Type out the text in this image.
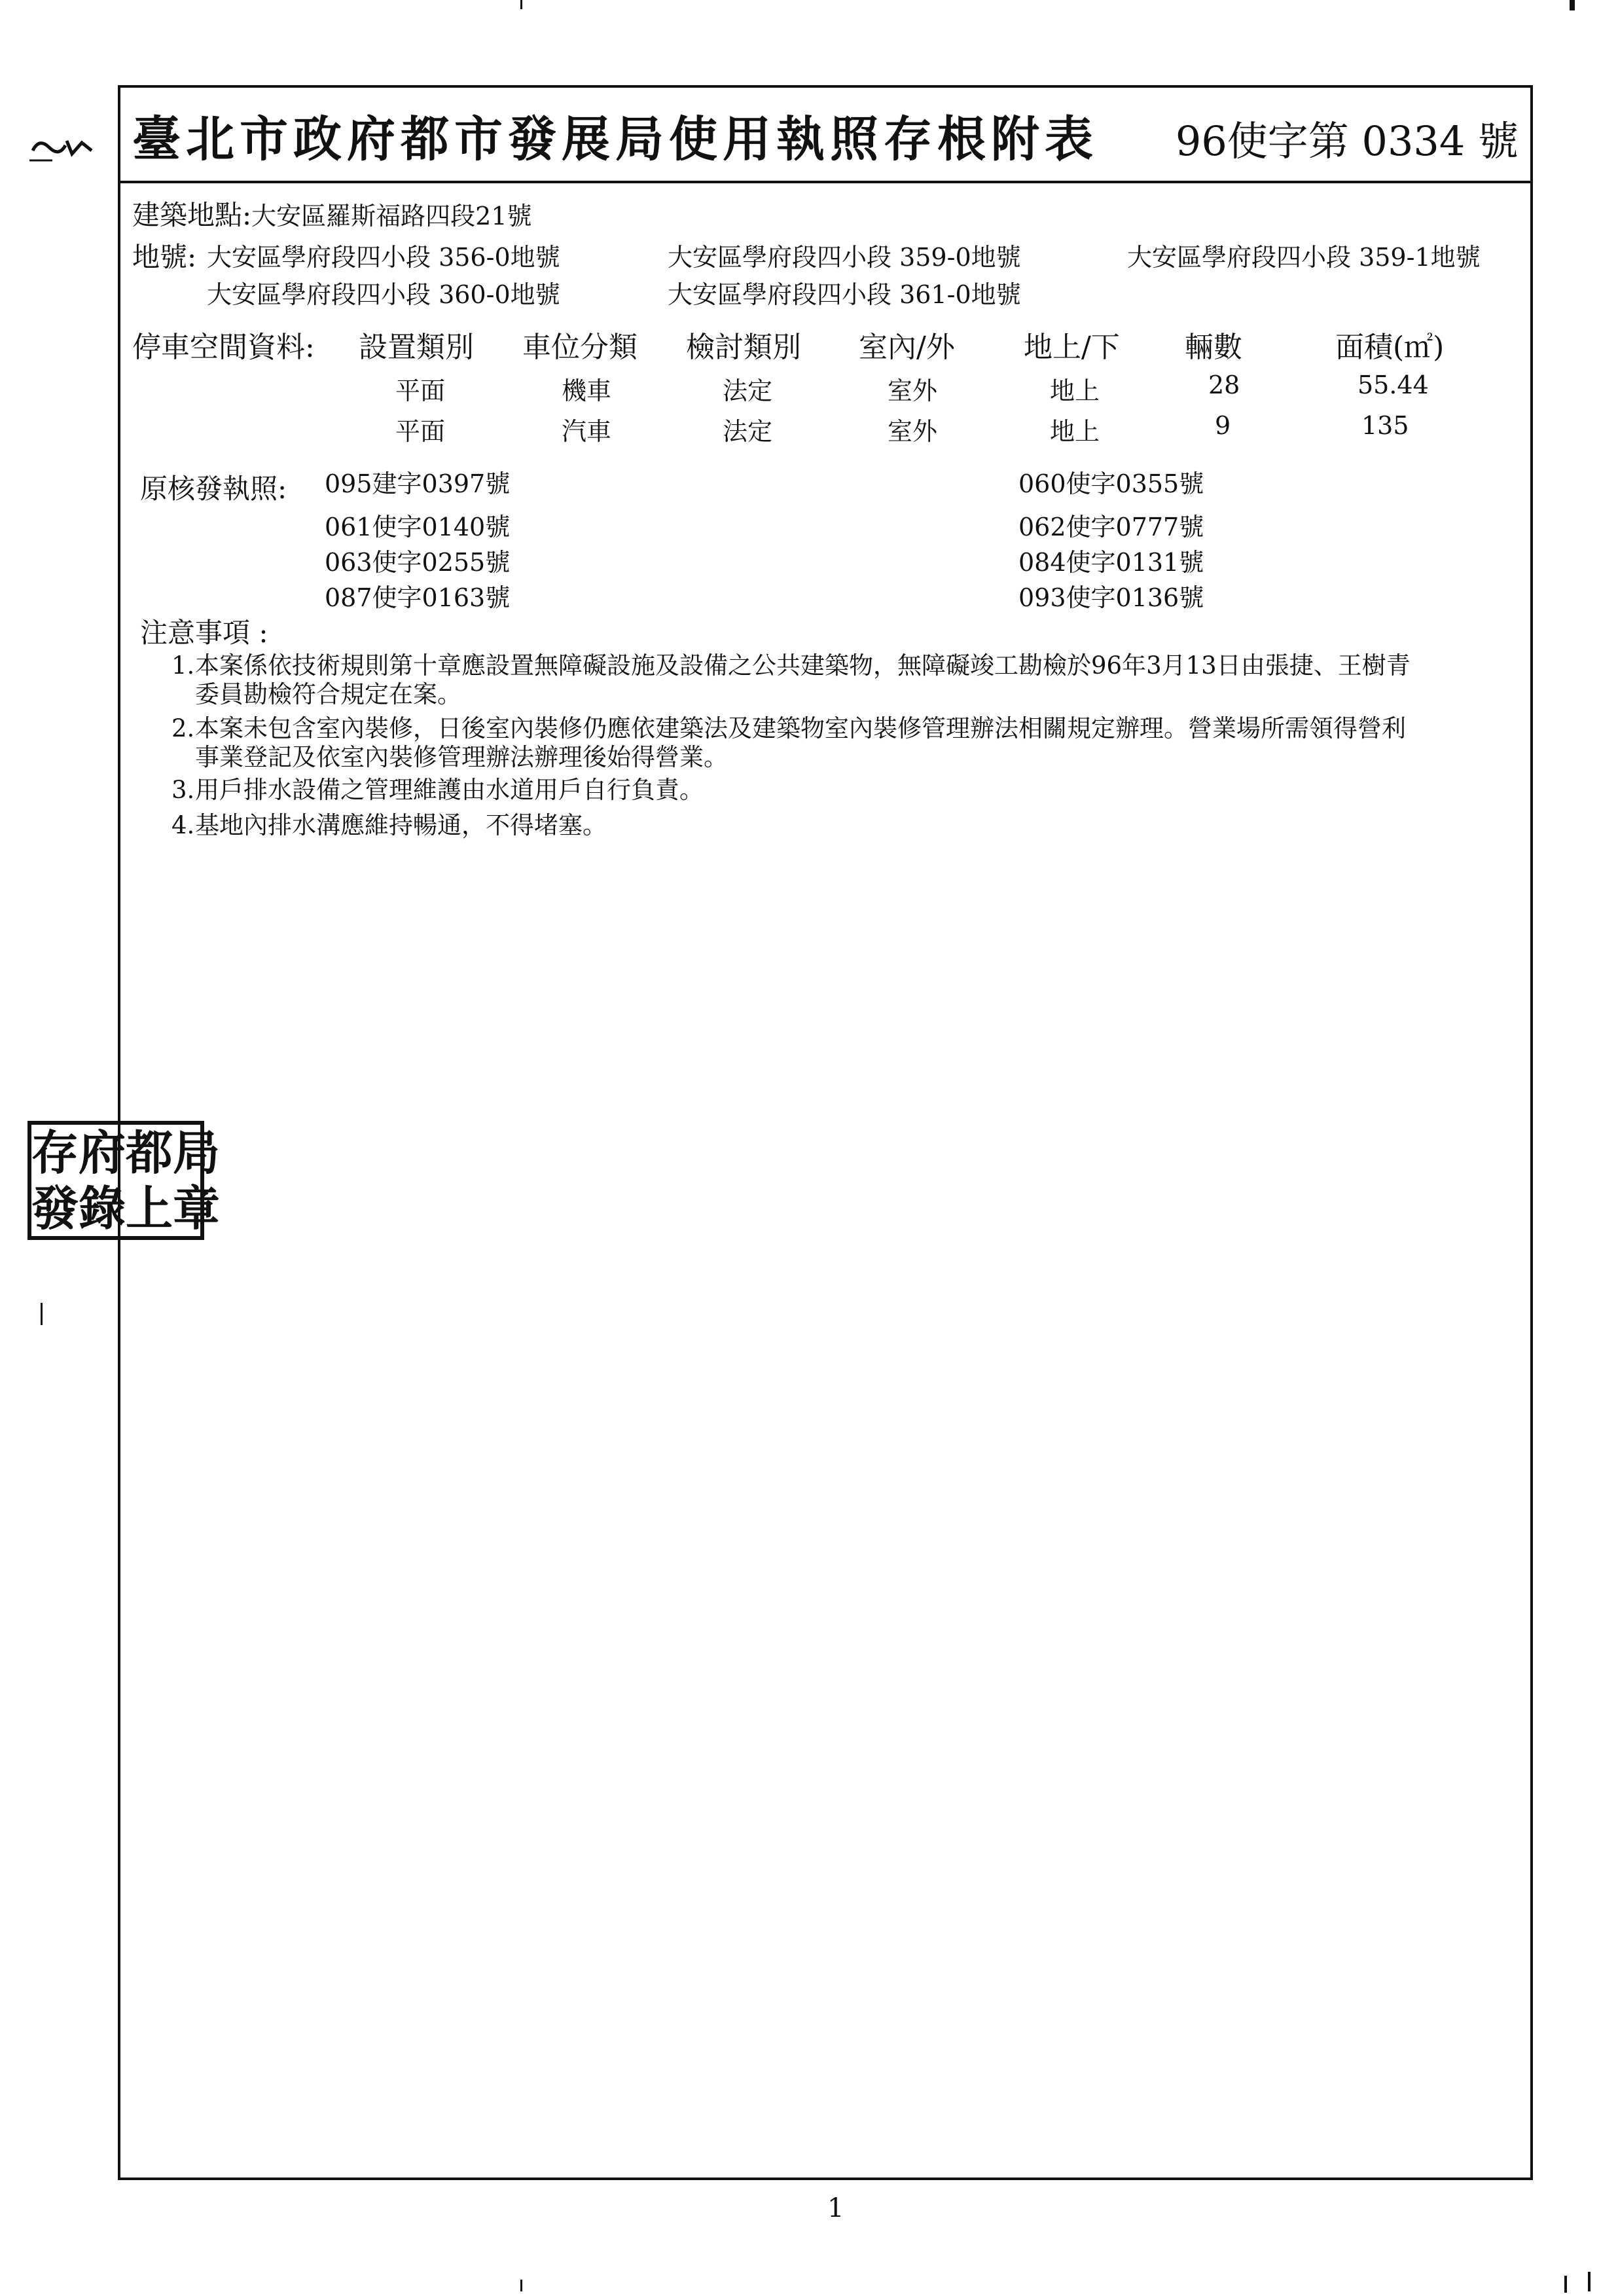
臺北市政府都市發展局使用執照存根附表 96使字第 0334 號
建築地點:大安區羅斯福路四段21號
地號: 大安區學府段四小段 356-0地號	大安區學府段四小段 359-0地號	大安區學府段四小段 359-1地號
大安區學府段四小段 360-0地號	大安區學府段四小段 361-0地號
停車空間資料: 設置類別 車位分類 檢討類別 室內/外 地上/下 輛數	面積(㎡)
平面	機車	法定	室外	地上	28	55.44
平面	汽車	法定	室外	地上	9	135
原核發執照: 095建字0397號	060使字0355號
061使字0140號	062使字0777號
063使字0255號	084使字0131號
087使字0163號	093使字0136號
注意事項 :
1.本案係依技術規則第十章應設置無障礙設施及設備之公共建築物，無障礙竣工勘檢於96年3月13日由張捷、王樹青
委員勘檢符合規定在案。
2.本案未包含室內裝修，日後室內裝修仍應依建築法及建築物室內裝修管理辦法相關規定辦理。營業場所需領得營利
事業登記及依室內裝修管理辦法辦理後始得營業。
3.用戶排水設備之管理維護由水道用戶自行負責。
4.基地內排水溝應維持暢通，不得堵塞。
存 府 都 局
發 錄 上 章
1
